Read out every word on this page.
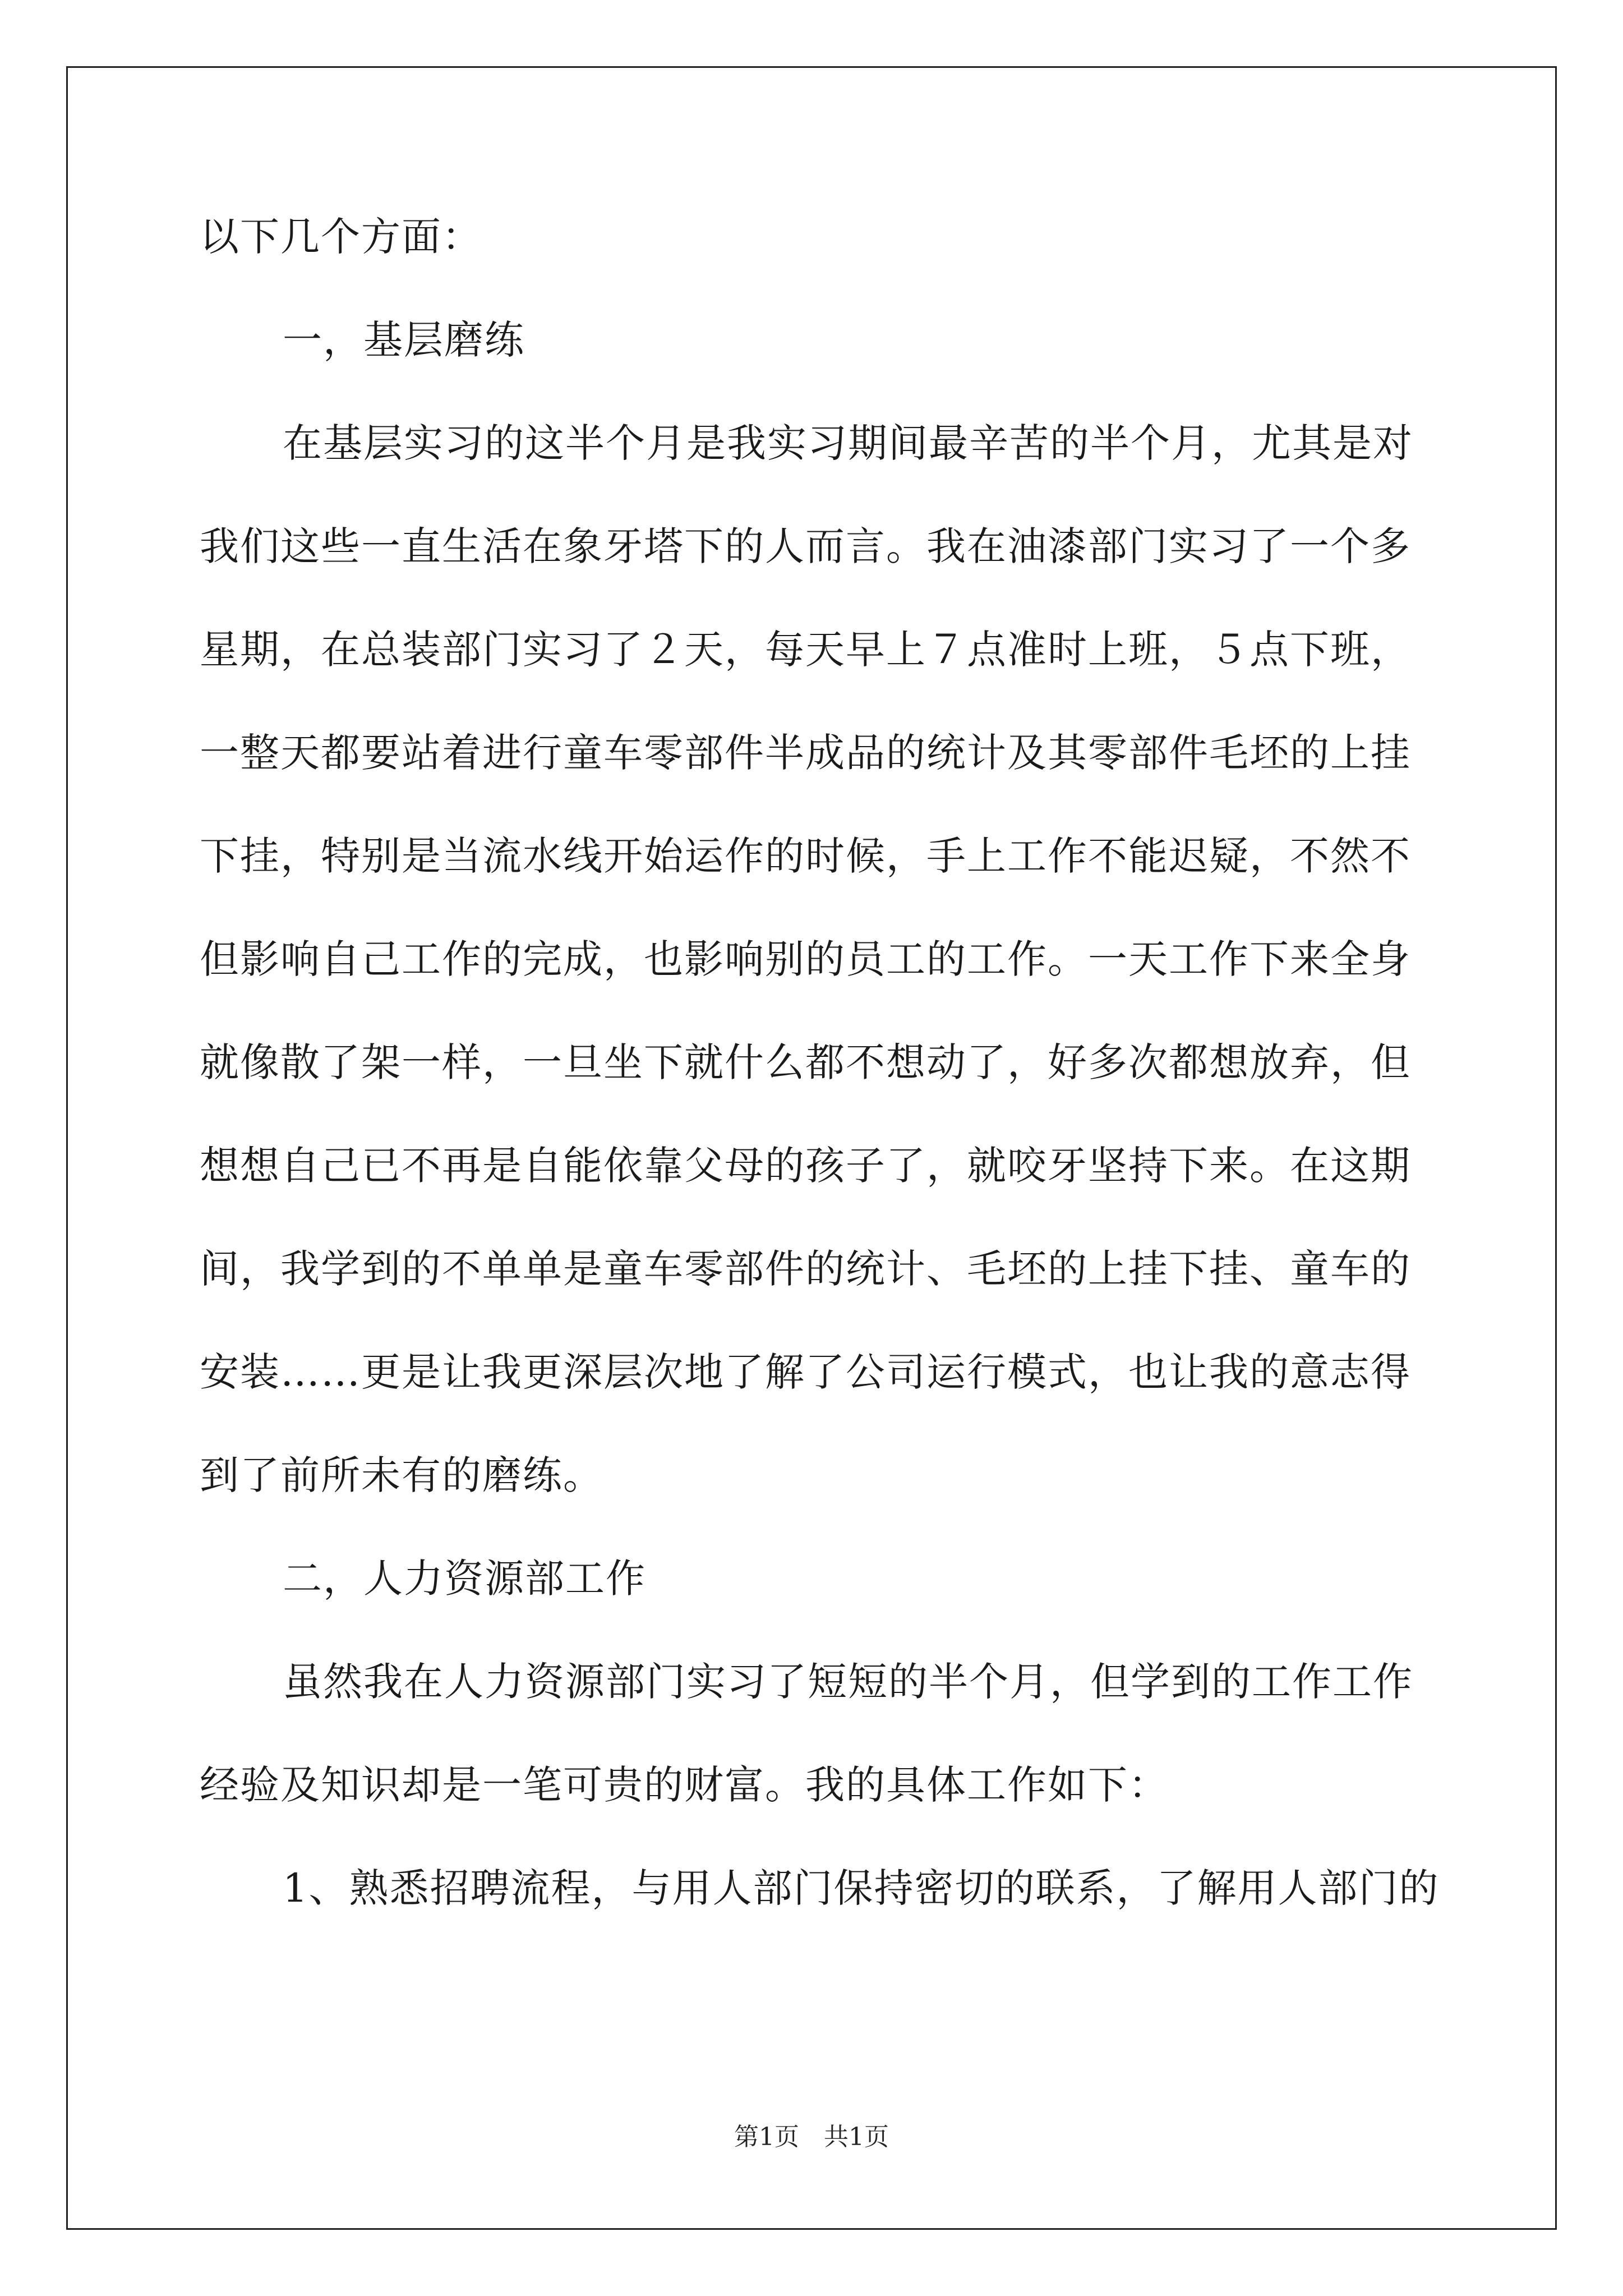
以下几个方面：
一，基层磨练
在基层实习的这半个月是我实习期间最辛苦的半个月，尤其是对
我们这些一直生活在象牙塔下的人而言。我在油漆部门实习了一个多
星期，在总装部门实习了２天，每天早上７点准时上班，５点下班，
一整天都要站着进行童车零部件半成品的统计及其零部件毛坯的上挂
下挂，特别是当流水线开始运作的时候，手上工作不能迟疑，不然不
但影响自己工作的完成，也影响别的员工的工作。一天工作下来全身
就像散了架一样，一旦坐下就什么都不想动了，好多次都想放弃，但
想想自己已不再是自能依靠父母的孩子了，就咬牙坚持下来。在这期
间，我学到的不单单是童车零部件的统计、毛坯的上挂下挂、童车的
安装……更是让我更深层次地了解了公司运行模式，也让我的意志得
到了前所未有的磨练。
二，人力资源部工作
虽然我在人力资源部门实习了短短的半个月，但学到的工作工作
经验及知识却是一笔可贵的财富。我的具体工作如下：
1、熟悉招聘流程，与用人部门保持密切的联系，了解用人部门的
第1页　共1页
